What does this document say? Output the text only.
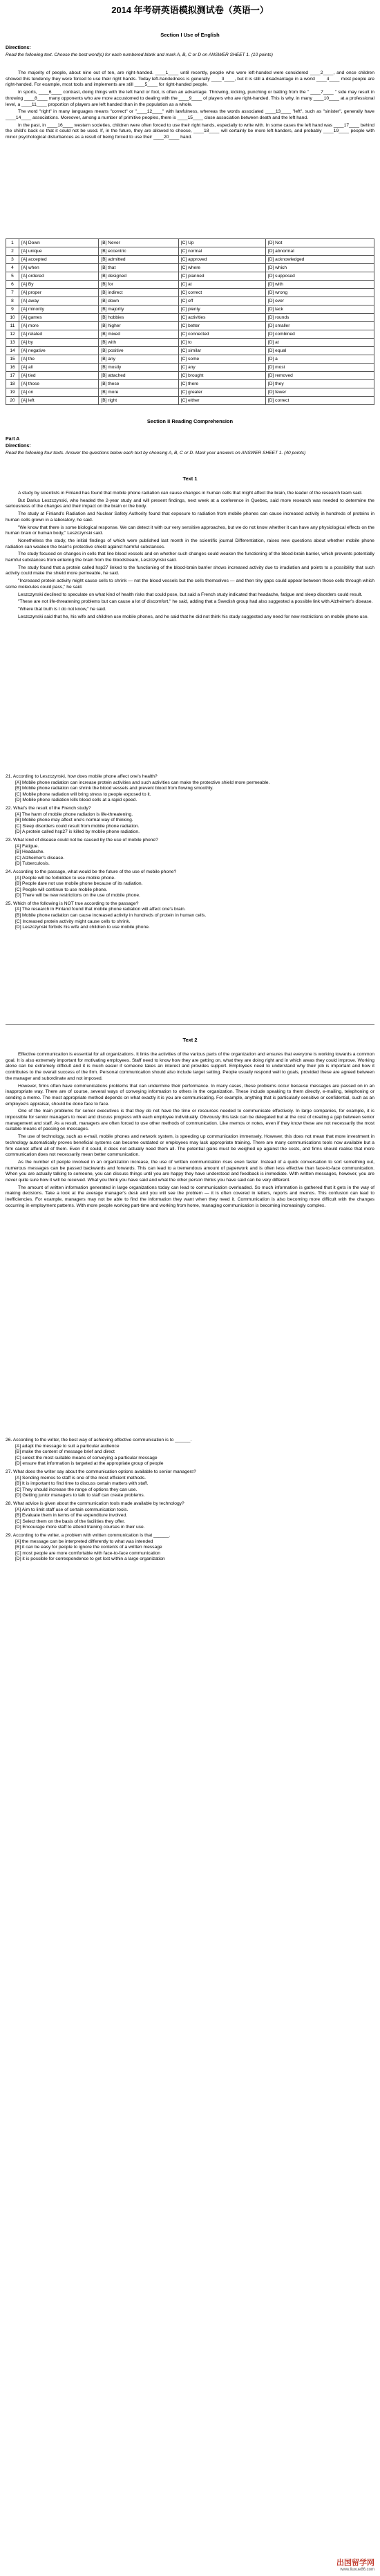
2014 年考研英语模拟测试卷（英语一）
Section I Use of English
Directions:
Read the following text. Choose the best word(s) for each numbered blank and mark A, B, C or D on ANSWER SHEET 1. (10 points)

The majority of people, about nine out of ten, are right-handed. ____1____ until recently, people who were left-handed were considered ____2____, and once children showed this tendency they were forced to use their right hands. Today left-handedness is generally ____3____, but it is still a disadvantage in a world ____4____ most people are right-handed. For example, most tools and implements are still ____5____ for right-handed people.

In sports, ____6____ contrast, doing things with the left hand or foot, is often an advantage. Throwing, kicking, punching or batting from the " ____7____ " side may result in throwing ____8____ many opponents who are more accustomed to dealing with the ____9____ of players who are right-handed. This is why, in many ____10____ at a professional level, a ____11____ proportion of players are left handed than in the population as a whole.

The word "right" in many languages means "correct" or "____12____" with lawfulness, whereas the words associated ____13____ "left", such as "sinister", generally have ____14____ associations. Moreover, among a number of primitive peoples, there is ____15____ close association between death and the left hand.

In the past, in ____16____ western societies, children were often forced to use their right hands, especially to write with. In some cases the left hand was ____17____ behind the child's back so that it could not be used. If, in the future, they are allowed to choose, ____18____ will certainly be more left-handers, and probably ____19____ people with minor psychological disturbances as a result of being forced to use their ____20____ hand.

1	[A] Down	[B] Never	[C] Up	[D] Not
2	[A] unique	[B] eccentric	[C] normal	[D] abnormal
3	[A] accepted	[B] admitted	[C] approved	[D] acknowledged
4	[A] when	[B] that	[C] where	[D] which
5	[A] ordered	[B] designed	[C] planned	[D] supposed
6	[A] By	[B] for	[C] at	[D] with
7	[A] proper	[B] indirect	[C] correct	[D] wrong
8	[A] away	[B] down	[C] off	[D] over
9	[A] minority	[B] majority	[C] plenty	[D] lack
10	[A] games	[B] hobbies	[C] activities	[D] rounds
11	[A] more	[B] higher	[C] better	[D] smaller
12	[A] related	[B] mixed	[C] connected	[D] combined
13	[A] by	[B] with	[C] to	[D] at
14	[A] negative	[B] positive	[C] similar	[D] equal
15	[A] the	[B] any	[C] some	[D] a
16	[A] all	[B] mostly	[C] any	[D] most
17	[A] tied	[B] attached	[C] brought	[D] removed
18	[A] those	[B] these	[C] there	[D] they
19	[A] on	[B] more	[C] greater	[D] fewer
20	[A] left	[B] right	[C] either	[D] correct
Section II Reading Comprehension
Part A
Directions:
Read the following four texts. Answer the questions below each text by choosing A, B, C or D. Mark your answers on ANSWER SHEET 1. (40 points)
Text 1

A study by scientists in Finland has found that mobile phone radiation can cause changes in human cells that might affect the brain, the leader of the research team said.

But Darius Leszczynski, who headed the 2-year study and will present findings, next week at a conference in Quebec, said more research was needed to determine the seriousness of the changes and their impact on the brain or the body.

The study at Finland's Radiation and Nuclear Safety Authority found that exposure to radiation from mobile phones can cause increased activity in hundreds of proteins in human cells grown in a laboratory, he said.

"We know that there is some biological response. We can detect it with our very sensitive approaches, but we do not know whether it can have any physiological effects on the human brain or human body," Leszczynski said.

Nonetheless the study, the initial findings of which were published last month in the scientific journal Differentiation, raises new questions about whether mobile phone radiation can weaken the brain's protective shield against harmful substances.

The study focused on changes in cells that line blood vessels and on whether such changes could weaken the functioning of the blood-brain barrier, which prevents potentially harmful substances from entering the brain from the bloodstream, Leszczynski said.

The study found that a protein called hsp27 linked to the functioning of the blood-brain barrier shows increased activity due to irradiation and points to a possibility that such activity could make the shield more permeable, he said.

"Increased protein activity might cause cells to shrink — not the blood vessels but the cells themselves — and then tiny gaps could appear between those cells through which some molecules could pass," he said.

Leszczynski declined to speculate on what kind of health risks that could pose, but said a French study indicated that headache, fatigue and sleep disorders could result.

"These are not life-threatening problems but can cause a lot of discomfort," he said, adding that a Swedish group had also suggested a possible link with Alzheimer's disease.

"Where that truth is I do not know," he said.

Leszczynski said that he, his wife and children use mobile phones, and he said that he did not think his study suggested any need for new restrictions on mobile phone use.

21. According to Leszczynski, how does mobile phone affect one's health?
[A] Mobile phone radiation can increase protein activities and such activities can make the protective shield more permeable.
[B] Mobile phone radiation can shrink the blood vessels and prevent blood from flowing smoothly.
[C] Mobile phone radiation will bring stress to people exposed to it.
[D] Mobile phone radiation kills blood cells at a rapid speed.
22. What's the result of the French study?
[A] The harm of mobile phone radiation is life-threatening.
[B] Mobile phone may affect one's normal way of thinking.
[C] Sleep disorders could result from mobile phone radiation.
[D] A protein called hsp27 is killed by mobile phone radiation.
23. What kind of disease could not be caused by the use of mobile phone?
[A] Fatigue.
[B] Headache.
[C] Alzheimer's disease.
[D] Tuberculosis.
24. According to the passage, what would be the future of the use of mobile phone?
[A] People will be forbidden to use mobile phone.
[B] People dare not use mobile phone because of its radiation.
[C] People will continue to use mobile phone.
[D] There will be new restrictions on the use of mobile phone.
25. Which of the following is NOT true according to the passage?
[A] The research in Finland found that mobile phone radiation will affect one's brain.
[B] Mobile phone radiation can cause increased activity in hundreds of protein in human cells.
[C] Increased protein activity might cause cells to shrink.
[D] Leszczynski forbids his wife and children to use mobile phone.
Text 2

Effective communication is essential for all organizations. It links the activities of the various parts of the organization and ensures that everyone is working towards a common goal. It is also extremely important for motivating employees. Staff need to know how they are getting on, what they are doing right and in which areas they could improve. Working alone can be extremely difficult and it is much easier if someone takes an interest and provides support. Employees need to understand why their job is important and how it contributes to the overall success of the firm. Personal communication should also include target setting. People usually respond well to goals, provided these are agreed between the manager and subordinate and not imposed.

However, firms often have communications problems that can undermine their performance. In many cases, these problems occur because messages are passed on in an inappropriate way. There are of course, several ways of conveying information to others in the organization. These include speaking to them directly, e-mailing, telephoning or sending a memo. The most appropriate method depends on what exactly it is you are communicating. For example, anything that is particularly sensitive or confidential, such as an employee's appraisal, should be done face to face.

One of the main problems for senior executives is that they do not have the time or resources needed to communicate effectively. In large companies, for example, it is impossible for senior managers to meet and discuss progress with each employee individually. Obviously this task can be delegated but at the cost of creating a gap between senior management and staff. As a result, managers are often forced to use other methods of communication. Like memos or notes, even if they know these are not necessarily the most suitable means of passing on messages.

The use of technology, such as e-mail, mobile phones and network system, is speeding up communication immensely. However, this does not mean that more investment in technology automatically proves beneficial systems can become outdated or employees may lack appropriate training. There are many communications tools now available but a firm cannot afford all of them. Even if it could, it does not actually need them all. The potential gains must be weighed up against the costs, and firms should realise that more communication does not necessarily mean better communication.

As the number of people involved in an organization increase, the use of written communication rises even faster. Instead of a quick conversation to sort something out, numerous messages can be passed backwards and forwards. This can lead to a tremendous amount of paperwork and is often less effective than face-to-face communication. When you are actually talking to someone, you can discuss things until you are happy they have understood and feedback is immediate. With written messages, however, you are never quite sure how it will be received. What you think you have said and what the other person thinks you have said can be very different.

The amount of written information generated in large organizations today can lead to communication overloaded. So much information is gathered that it gets in the way of making decisions. Take a look at the average manager's desk and you will see the problem — it is often covered in letters, reports and memos. This confusion can lead to inefficiencies. For example, managers may not be able to find the information they want when they need it. Communication is also becoming more difficult with the changes occurring in employment patterns. With more people working part-time and working from home, managing communication is becoming increasingly complex.

26. According to the writer, the best way of achieving effective communication is to ______.
[A] adapt the message to suit a particular audience
[B] make the content of message brief and direct
[C] select the most suitable means of conveying a particular message
[D] ensure that information is targeted at the appropriate group of people
27. What does the writer say about the communication options available to senior managers?
[A] Sending memos to staff is one of the most efficient methods.
[B] It is important to find time to discuss certain matters with staff.
[C] They should increase the range of options they can use.
[D] Getting junior managers to talk to staff can create problems.
28. What advice is given about the communication tools made available by technology?
[A] Aim to limit staff use of certain communication tools.
[B] Evaluate them in terms of the expenditure involved.
[C] Select them on the basis of the facilities they offer.
[D] Encourage more staff to attend training courses in their use.
29. According to the writer, a problem with written communication is that ______.
[A] the message can be interpreted differently to what was intended
[B] it can be easy for people to ignore the contents of a written message
[C] most people are more comfortable with face-to-face communication
[D] it is possible for correspondence to get lost within a large organization
出国留学网
www.liuxue86.com
